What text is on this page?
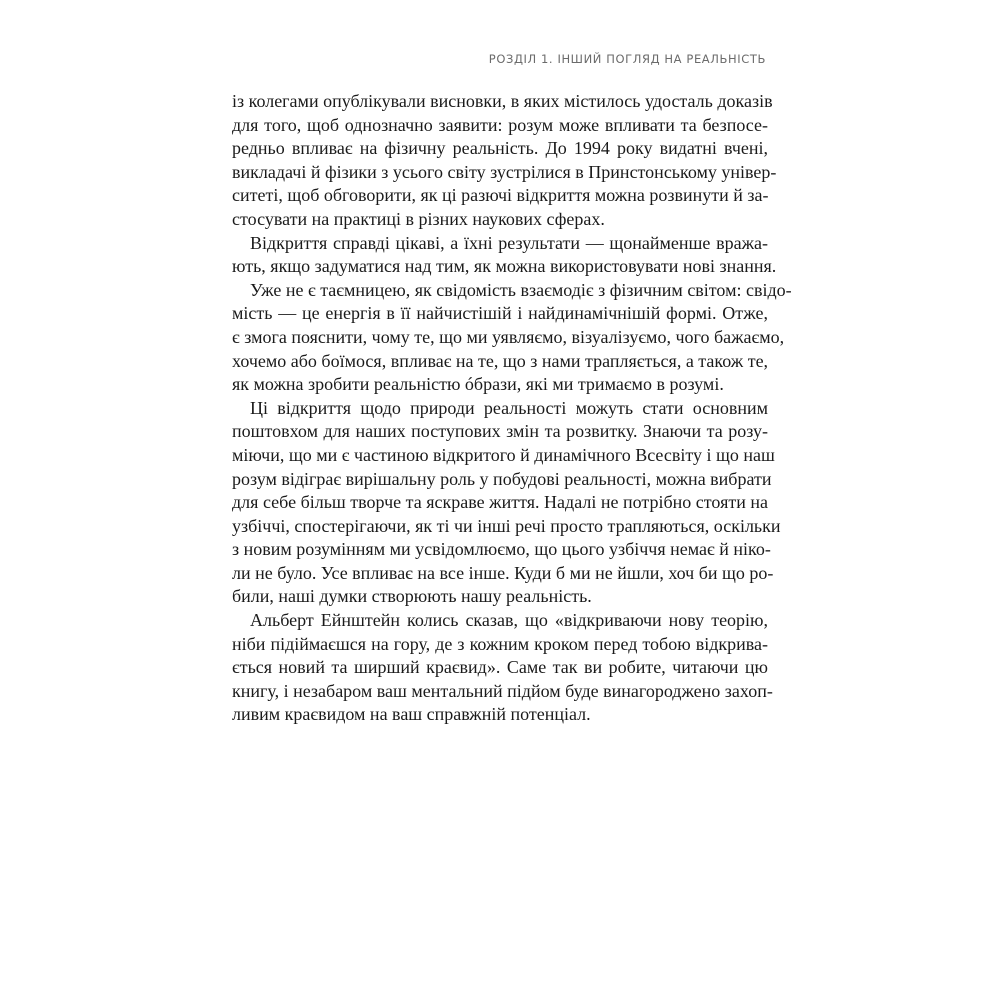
РОЗДІЛ 1. ІНШИЙ ПОГЛЯД НА РЕАЛЬНІСТЬ
із колегами опублікували висновки, в яких містилось удосталь доказів
для того, щоб однозначно заявити: розум може впливати та безпосе-
редньо впливає на фізичну реальність. До 1994 року видатні вчені,
викладачі й фізики з усього світу зустрілися в Принстонському універ-
ситеті, щоб обговорити, як ці разючі відкриття можна розвинути й за-
стосувати на практиці в різних наукових сферах.
Відкриття справді цікаві, а їхні результати — щонайменше вража-
ють, якщо задуматися над тим, як можна використовувати нові знання.
Уже не є таємницею, як свідомість взаємодіє з фізичним світом: свідо-
мість — це енергія в її найчистішій і найдинамічнішій формі. Отже,
є змога пояснити, чому те, що ми уявляємо, візуалізуємо, чого бажаємо,
хочемо або боїмося, впливає на те, що з нами трапляється, а також те,
як можна зробити реальністю óбрази, які ми тримаємо в розумі.
Ці відкриття щодо природи реальності можуть стати основним
поштовхом для наших поступових змін та розвитку. Знаючи та розу-
міючи, що ми є частиною відкритого й динамічного Всесвіту і що наш
розум відіграє вирішальну роль у побудові реальності, можна вибрати
для себе більш творче та яскраве життя. Надалі не потрібно стояти на
узбіччі, спостерігаючи, як ті чи інші речі просто трапляються, оскільки
з новим розумінням ми усвідомлюємо, що цього узбіччя немає й ніко-
ли не було. Усе впливає на все інше. Куди б ми не йшли, хоч би що ро-
били, наші думки створюють нашу реальність.
Альберт Ейнштейн колись сказав, що «відкриваючи нову теорію,
ніби підіймаєшся на гору, де з кожним кроком перед тобою відкрива-
ється новий та ширший краєвид». Саме так ви робите, читаючи цю
книгу, і незабаром ваш ментальний підйом буде винагороджено захоп-
ливим краєвидом на ваш справжній потенціал.
